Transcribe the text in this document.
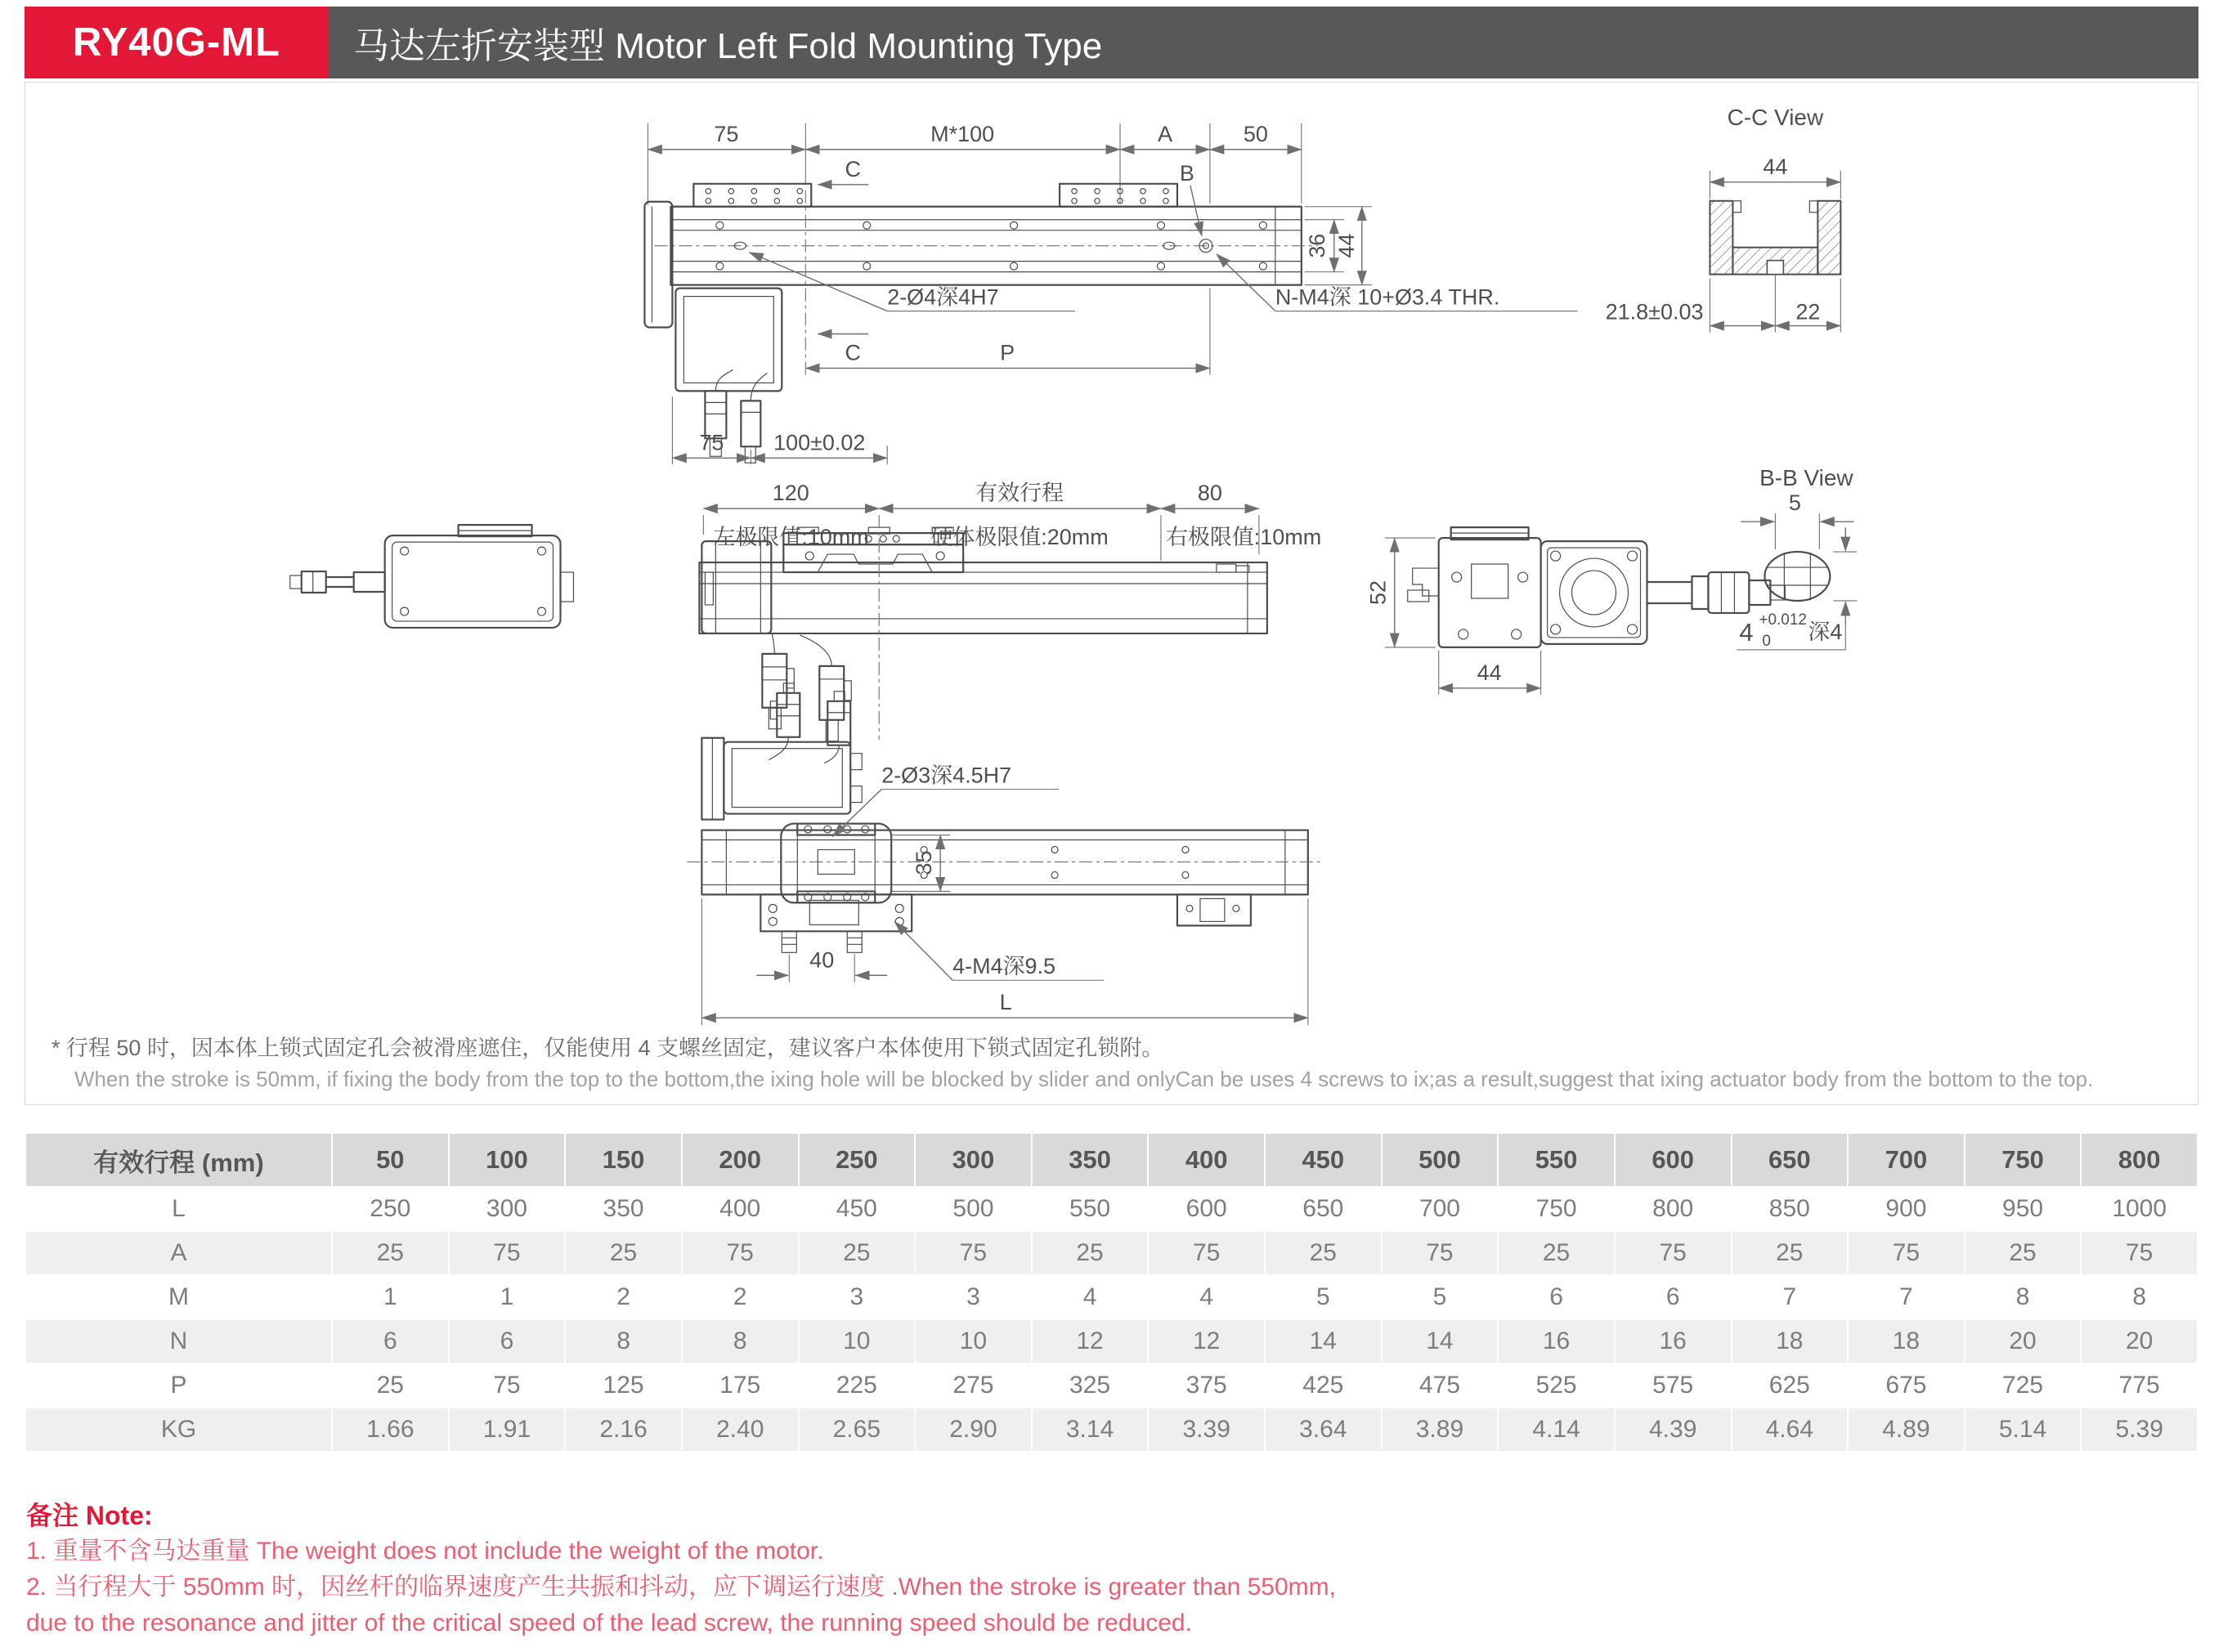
RY40G-ML	马达左折安装型 Motor Left Fold Mounting Type
75	M*100	A	50
C
C
B
36 44
2-Ø4深4H7	N-M4深 10+Ø3.4 THR.
P
75 100±0.02
C-C View
44
21.8±0.03	22
120	有效行程	80
左极限值:10mm	硬体极限值:20mm	右极限值:10mm
52
44
B-B View
5
4 +0.012
0 深4
2-Ø3深4.5H7
35
40	4-M4深9.5
L
* 行程 50 时，因本体上锁式固定孔会被滑座遮住，仅能使用 4 支螺丝固定，建议客户本体使用下锁式固定孔锁附。
When the stroke is 50mm, if fixing the body from the top to the bottom,the ixing hole will be blocked by slider and onlyCan be uses 4 screws to ix;as a result,suggest that ixing actuator body from the bottom to the top.
有效行程 (mm)	50	100	150	200	250	300	350	400	450	500	550	600	650	700	750	800
L	250	300	350	400	450	500	550	600	650	700	750	800	850	900	950	1000
A	25	75	25	75	25	75	25	75	25	75	25	75	25	75	25	75
M	1	1	2	2	3	3	4	4	5	5	6	6	7	7	8	8
N	6	6	8	8	10	10	12	12	14	14	16	16	18	18	20	20
P	25	75	125	175	225	275	325	375	425	475	525	575	625	675	725	775
KG	1.66	1.91	2.16	2.40	2.65	2.90	3.14	3.39	3.64	3.89	4.14	4.39	4.64	4.89	5.14	5.39
备注 Note:
1. 重量不含马达重量 The weight does not include the weight of the motor.
2. 当行程大于 550mm 时，因丝杆的临界速度产生共振和抖动，应下调运行速度 .When the stroke is greater than 550mm,
due to the resonance and jitter of the critical speed of the lead screw, the running speed should be reduced.
